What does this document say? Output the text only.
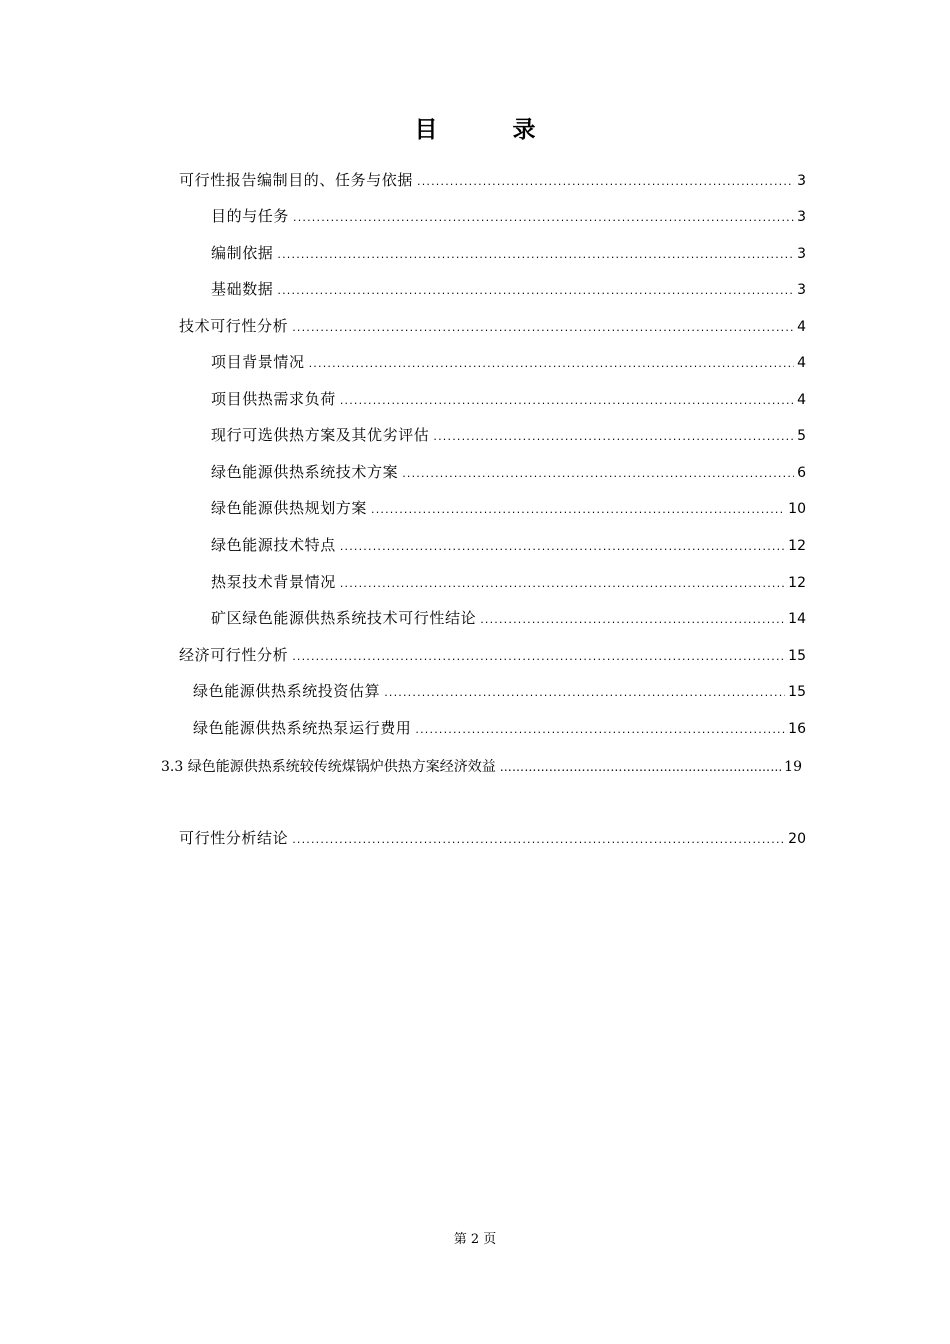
目　录
可行性报告编制目的、任务与依据 .....	3
目的与任务 .....	3
编制依据 .....	3
基础数据 .....	3
技术可行性分析 .....	4
项目背景情况 .....	4
项目供热需求负荷 .....	4
现行可选供热方案及其优劣评估 .....	5
绿色能源供热系统技术方案 .....	6
绿色能源供热规划方案 .....	10
绿色能源技术特点 .....	12
热泵技术背景情况 .....	12
矿区绿色能源供热系统技术可行性结论 .....	14
经济可行性分析 .....	15
绿色能源供热系统投资估算 .....	15
绿色能源供热系统热泵运行费用 .....	16
3.3 绿色能源供热系统较传统煤锅炉供热方案经济效益 …………………………………………………………………………………………………………………………………………..	19
可行性分析结论 .....	20
第 2 页
